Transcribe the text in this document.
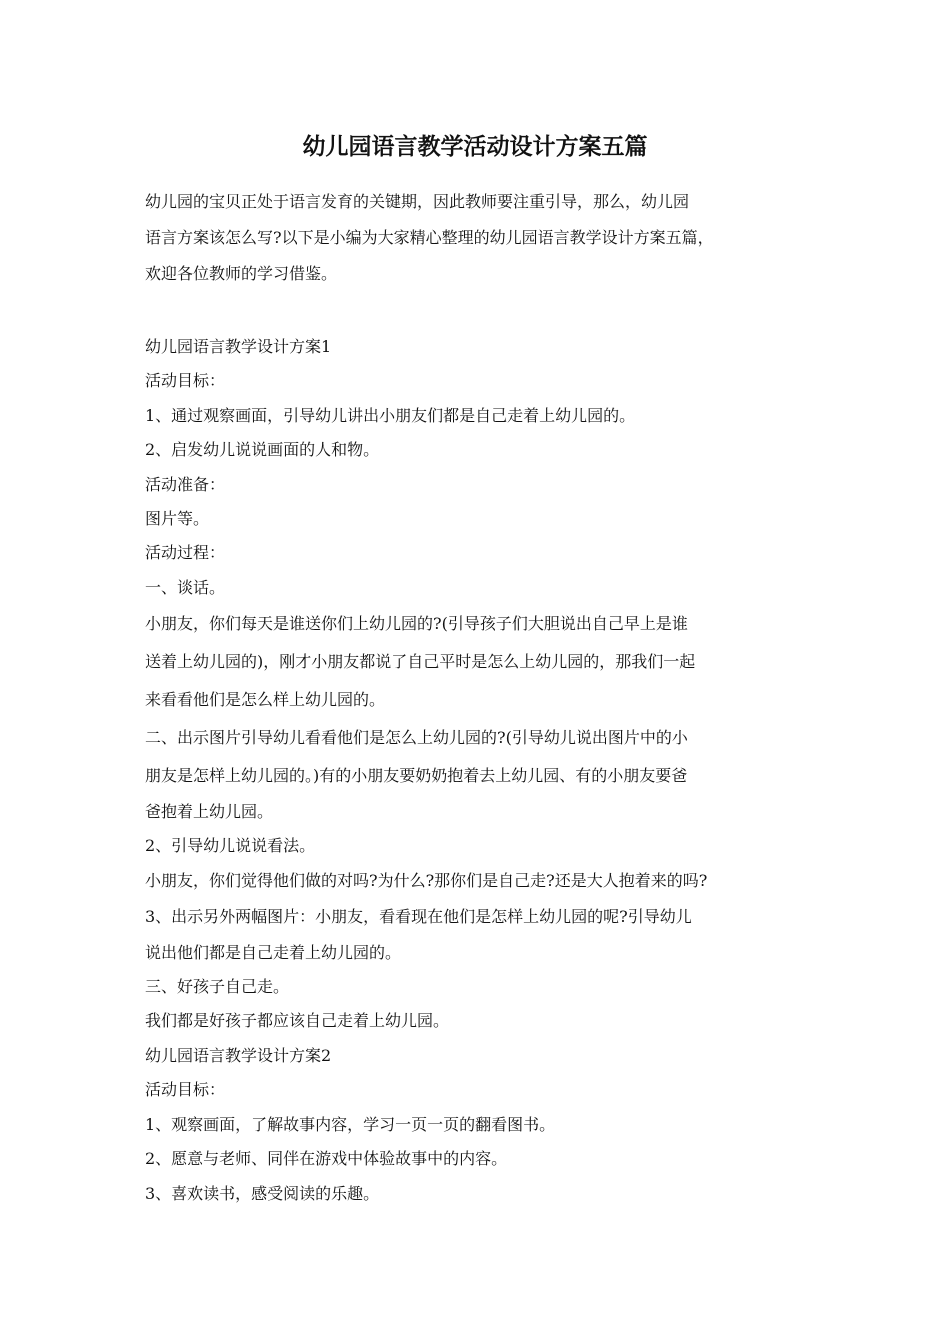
幼儿园语言教学活动设计方案五篇

幼儿园的宝贝正处于语言发育的关键期，因此教师要注重引导，那么，幼儿园
语言方案该怎么写?以下是小编为大家精心整理的幼儿园语言教学设计方案五篇，
欢迎各位教师的学习借鉴。

幼儿园语言教学设计方案1
活动目标：
1、通过观察画面，引导幼儿讲出小朋友们都是自己走着上幼儿园的。
2、启发幼儿说说画面的人和物。
活动准备：
图片等。
活动过程：
一、谈话。
小朋友，你们每天是谁送你们上幼儿园的?(引导孩子们大胆说出自己早上是谁
送着上幼儿园的)，刚才小朋友都说了自己平时是怎么上幼儿园的，那我们一起
来看看他们是怎么样上幼儿园的。
二、出示图片引导幼儿看看他们是怎么上幼儿园的?(引导幼儿说出图片中的小
朋友是怎样上幼儿园的。)有的小朋友要奶奶抱着去上幼儿园、有的小朋友要爸
爸抱着上幼儿园。
2、引导幼儿说说看法。
小朋友，你们觉得他们做的对吗?为什么?那你们是自己走?还是大人抱着来的吗?
3、出示另外两幅图片：小朋友，看看现在他们是怎样上幼儿园的呢?引导幼儿
说出他们都是自己走着上幼儿园的。
三、好孩子自己走。
我们都是好孩子都应该自己走着上幼儿园。
幼儿园语言教学设计方案2
活动目标：
1、观察画面，了解故事内容，学习一页一页的翻看图书。
2、愿意与老师、同伴在游戏中体验故事中的内容。
3、喜欢读书，感受阅读的乐趣。
